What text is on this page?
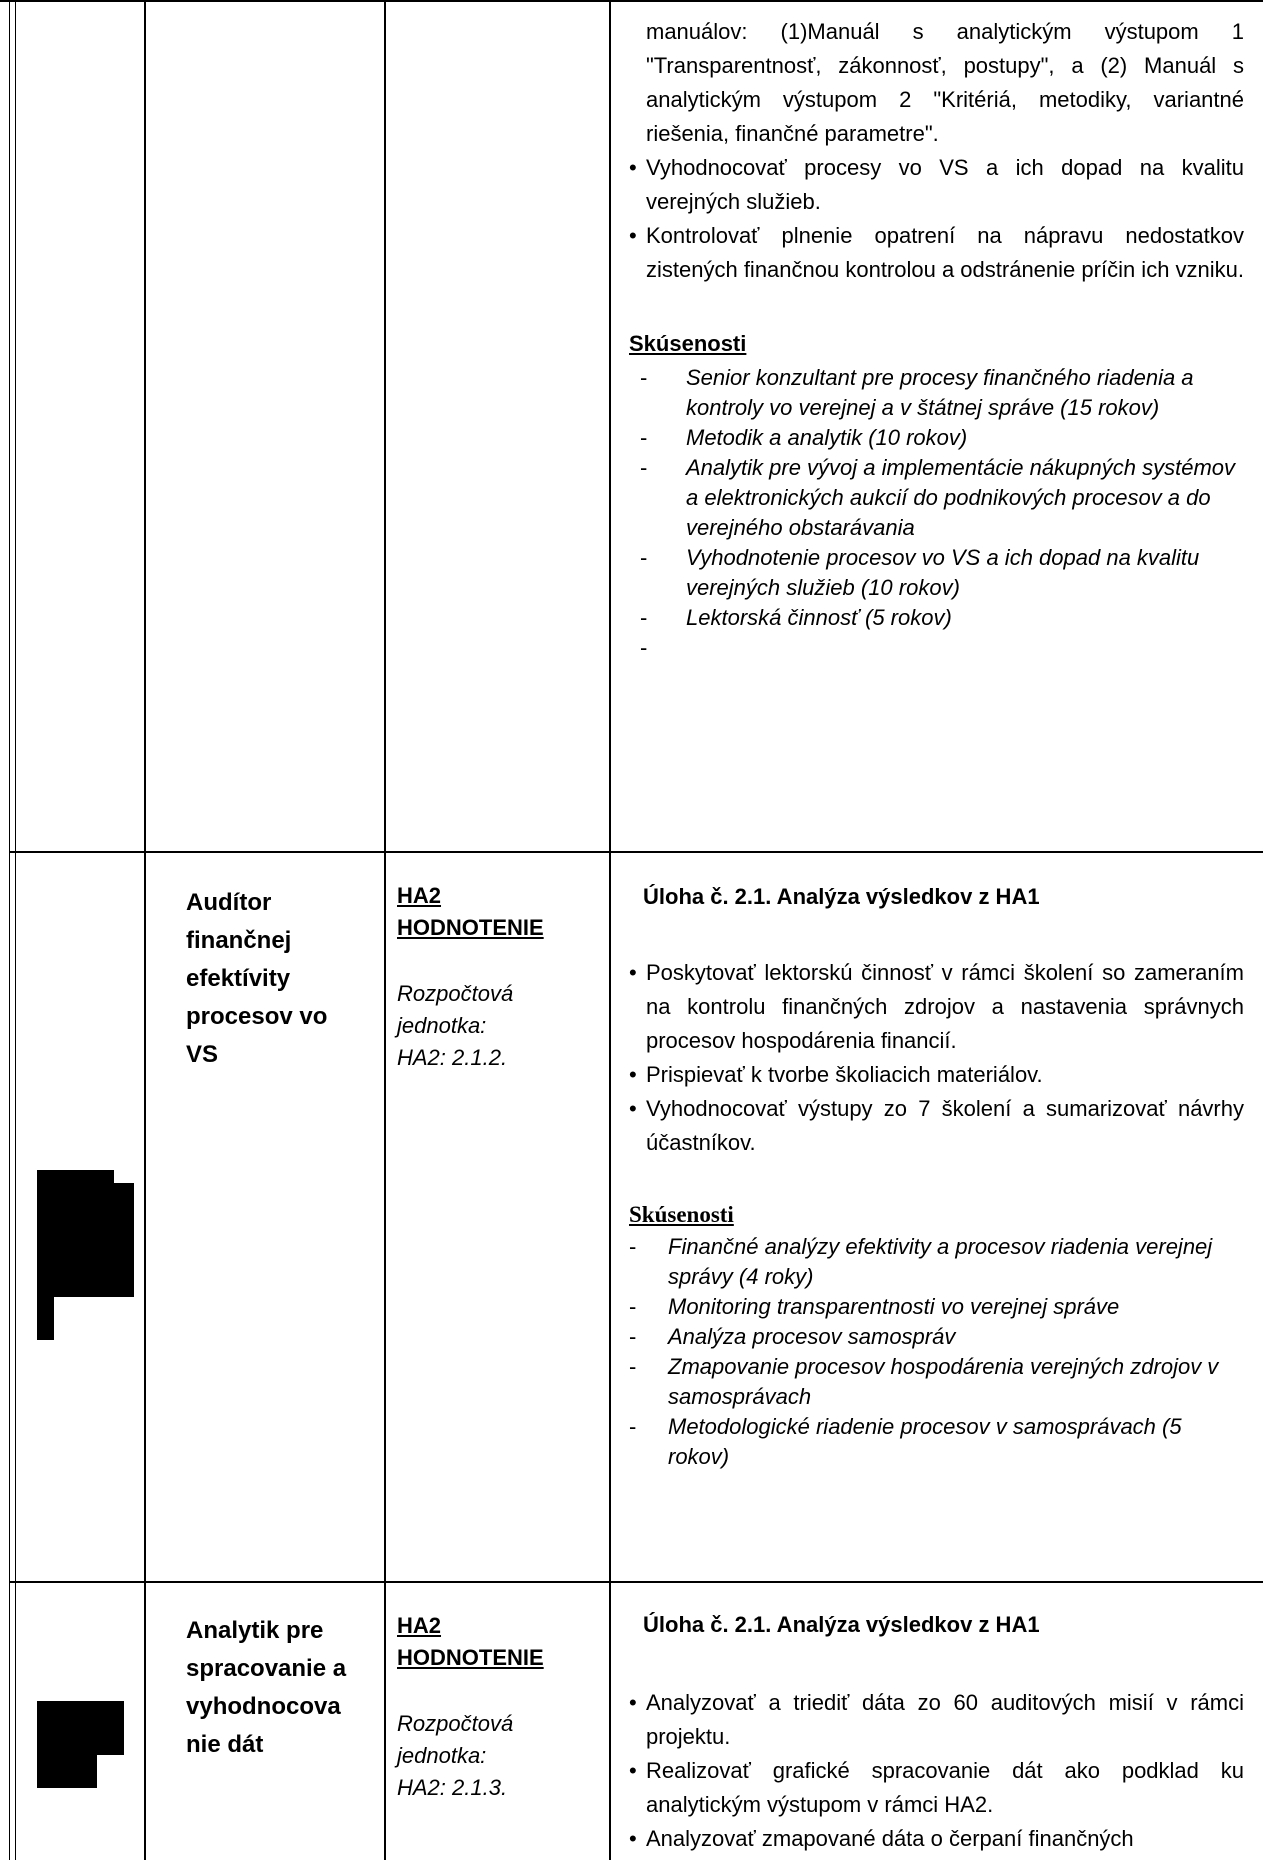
manuálov: (1)Manuál s analytickým výstupom 1 "Transparentnosť, zákonnosť, postupy", a (2) Manuál s analytickým výstupom 2 "Kritériá, metodiky, variantné riešenia, finančné parametre".

• Vyhodnocovať procesy vo VS a ich dopad na kvalitu verejných služieb.
• Kontrolovať plnenie opatrení na nápravu nedostatkov zistených finančnou kontrolou a odstránenie príčin ich vzniku.

Skúsenosti

- Senior konzultant pre procesy finančného riadenia a kontroly vo verejnej a v štátnej správe (15 rokov)
- Metodik a analytik (10 rokov)
- Analytik pre vývoj a implementácie nákupných systémov a elektronických aukcií do podnikových procesov a do verejného obstarávania
- Vyhodnotenie procesov vo VS a ich dopad na kvalitu verejných služieb (10 rokov)
- Lektorská činnosť (5 rokov)
-
Audítor
finančnej
efektívity
procesov vo
VS
HA2
HODNOTENIE
Rozpočtová
jednotka:
HA2: 2.1.2.

Úloha č. 2.1. Analýza výsledkov z HA1

• Poskytovať lektorskú činnosť v rámci školení so zameraním na kontrolu finančných zdrojov a nastavenia správnych procesov hospodárenia financií.
• Prispievať k tvorbe školiacich materiálov.
• Vyhodnocovať výstupy zo 7 školení a sumarizovať návrhy účastníkov.

Skúsenosti

- Finančné analýzy efektivity a procesov riadenia verejnej správy (4 roky)
- Monitoring transparentnosti vo verejnej správe
- Analýza procesov samospráv
- Zmapovanie procesov hospodárenia verejných zdrojov v samosprávach
- Metodologické riadenie procesov v samosprávach (5 rokov)
Analytik pre
spracovanie a
vyhodnocova
nie dát
HA2
HODNOTENIE
Rozpočtová
jednotka:
HA2: 2.1.3.

Úloha č. 2.1. Analýza výsledkov z HA1

• Analyzovať a triediť dáta zo 60 auditových misií v rámci projektu.
• Realizovať grafické spracovanie dát ako podklad ku analytickým výstupom v rámci HA2.
• Analyzovať zmapované dáta o čerpaní finančných
